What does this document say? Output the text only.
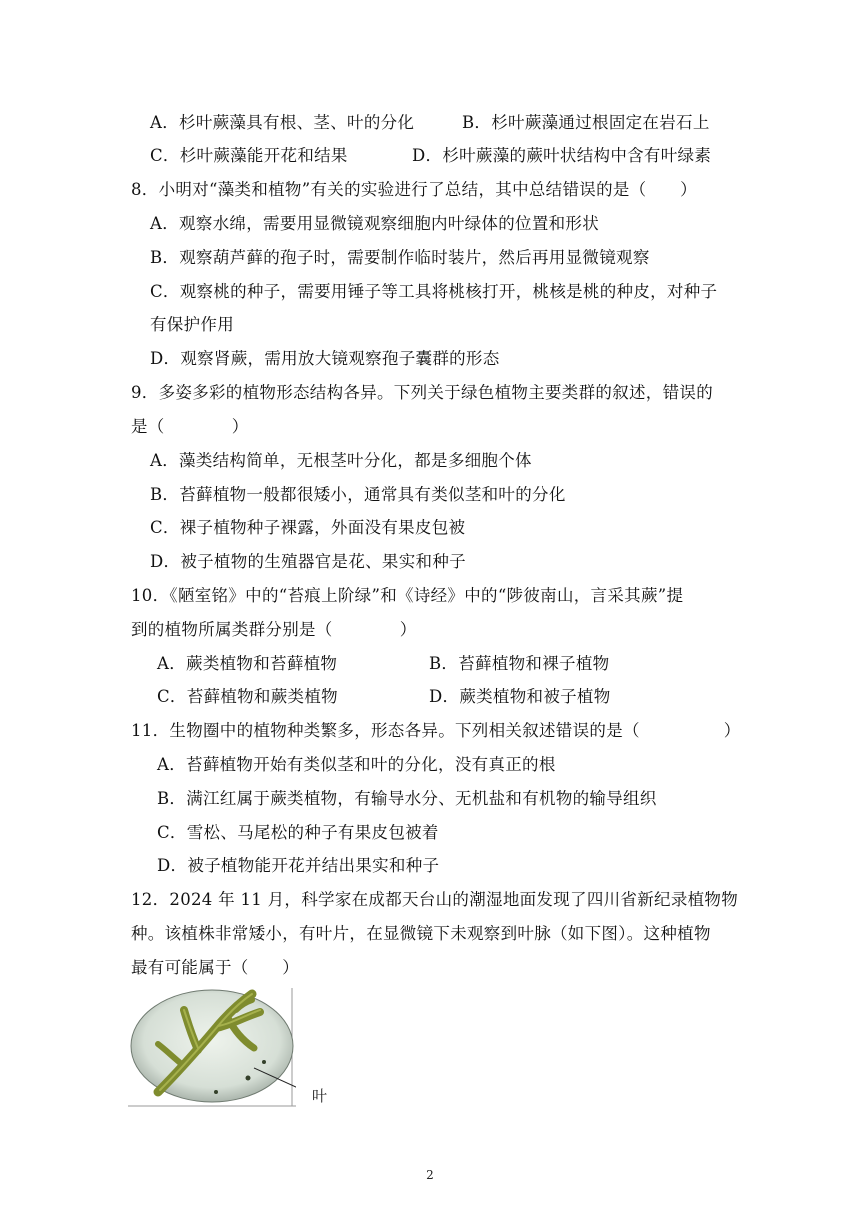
A．杉叶蕨藻具有根、茎、叶的分化	B．杉叶蕨藻通过根固定在岩石上
C．杉叶蕨藻能开花和结果	D．杉叶蕨藻的蕨叶状结构中含有叶绿素
8．小明对“藻类和植物”有关的实验进行了总结，其中总结错误的是（　　）
A．观察水绵，需要用显微镜观察细胞内叶绿体的位置和形状
B．观察葫芦藓的孢子时，需要制作临时装片，然后再用显微镜观察
C．观察桃的种子，需要用锤子等工具将桃核打开，桃核是桃的种皮，对种子
有保护作用
D．观察肾蕨，需用放大镜观察孢子囊群的形态
9．多姿多彩的植物形态结构各异。下列关于绿色植物主要类群的叙述，错误的
是（　　　　）
A．藻类结构简单，无根茎叶分化，都是多细胞个体
B．苔藓植物一般都很矮小，通常具有类似茎和叶的分化
C．裸子植物种子裸露，外面没有果皮包被
D．被子植物的生殖器官是花、果实和种子
10．《陋室铭》中的“苔痕上阶绿”和《诗经》中的“陟彼南山，言采其蕨”提
到的植物所属类群分别是（　　　　）
A．蕨类植物和苔藓植物	B．苔藓植物和裸子植物
C．苔藓植物和蕨类植物	D．蕨类植物和被子植物
11．生物圈中的植物种类繁多，形态各异。下列相关叙述错误的是（　　　　　）
A．苔藓植物开始有类似茎和叶的分化，没有真正的根
B．满江红属于蕨类植物，有输导水分、无机盐和有机物的输导组织
C．雪松、马尾松的种子有果皮包被着
D．被子植物能开花并结出果实和种子
12．2024 年 11 月，科学家在成都天台山的潮湿地面发现了四川省新纪录植物物
种。该植株非常矮小，有叶片，在显微镜下未观察到叶脉（如下图）。这种植物
最有可能属于（　　）
叶
2
